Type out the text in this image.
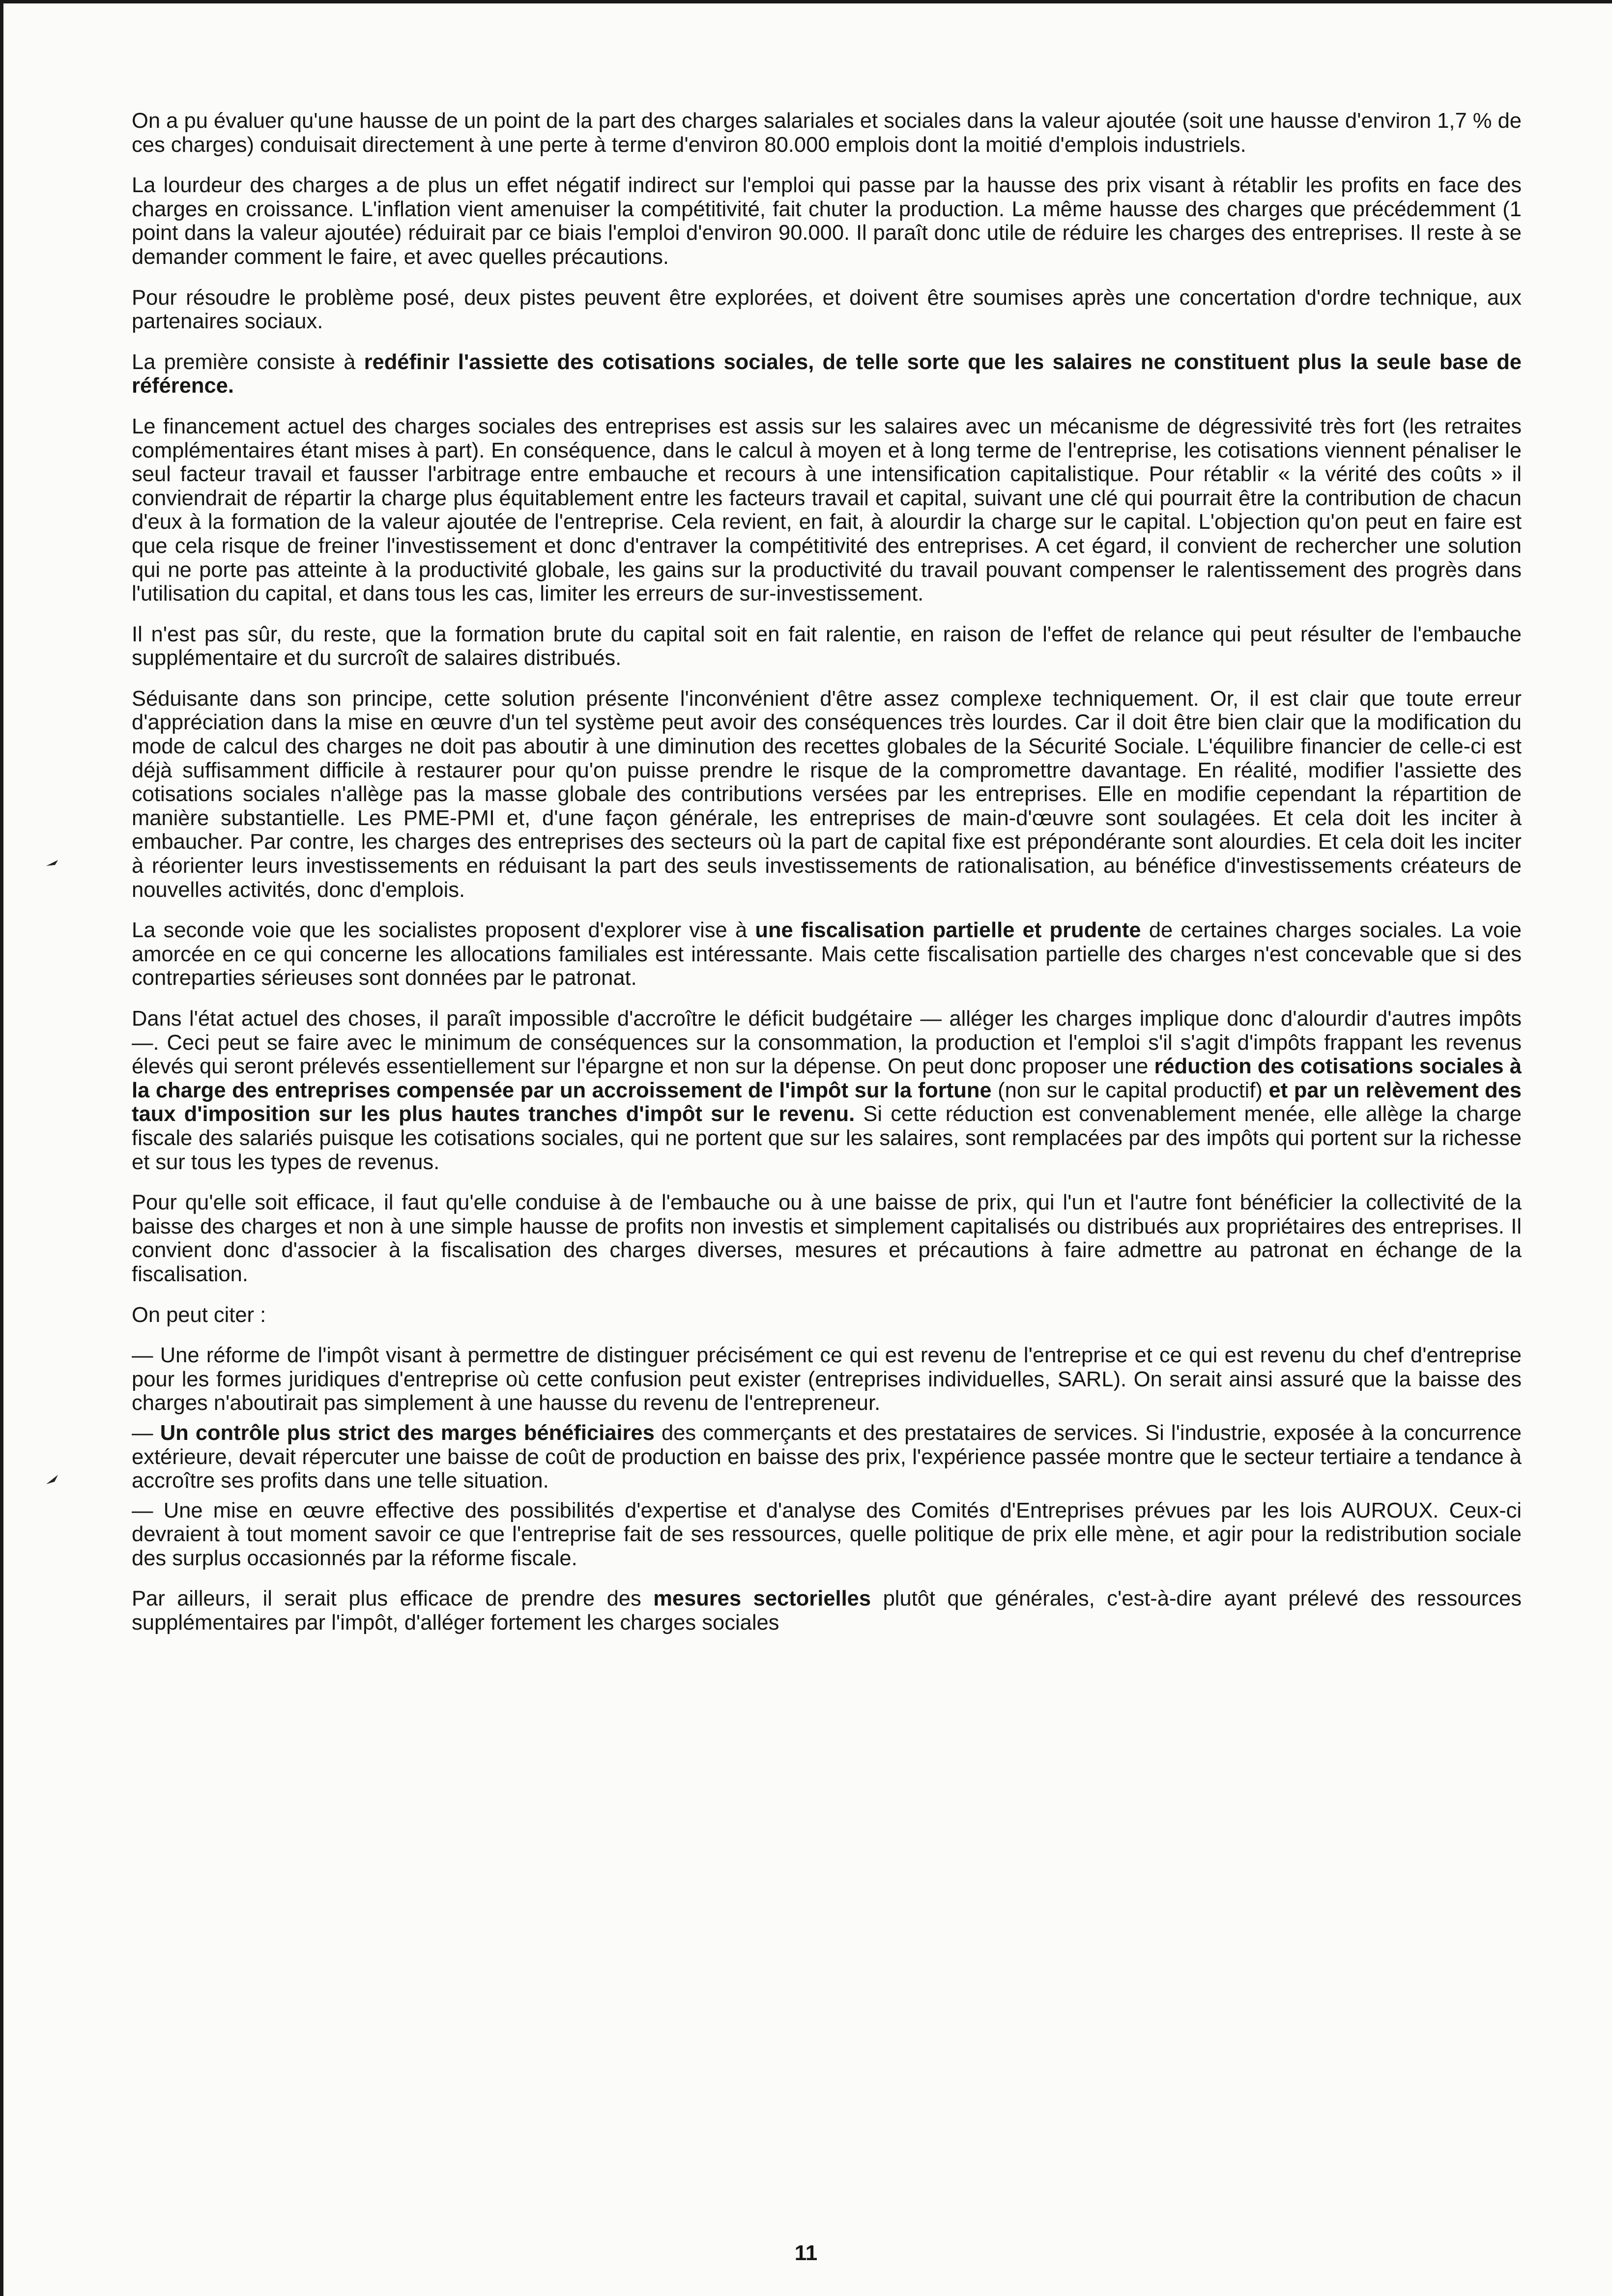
On a pu évaluer qu'une hausse de un point de la part des charges salariales et sociales dans la valeur ajoutée (soit une hausse d'environ 1,7 % de ces charges) conduisait directement à une perte à terme d'environ 80.000 emplois dont la moitié d'emplois industriels.

La lourdeur des charges a de plus un effet négatif indirect sur l'emploi qui passe par la hausse des prix visant à rétablir les profits en face des charges en croissance. L'inflation vient amenuiser la compétitivité, fait chuter la production. La même hausse des charges que précédemment (1 point dans la valeur ajoutée) réduirait par ce biais l'emploi d'environ 90.000. Il paraît donc utile de réduire les charges des entreprises. Il reste à se demander comment le faire, et avec quelles précautions.

Pour résoudre le problème posé, deux pistes peuvent être explorées, et doivent être soumises après une concertation d'ordre technique, aux partenaires sociaux.

La première consiste à redéfinir l'assiette des cotisations sociales, de telle sorte que les salaires ne constituent plus la seule base de référence.

Le financement actuel des charges sociales des entreprises est assis sur les salaires avec un mécanisme de dégressivité très fort (les retraites complémentaires étant mises à part). En conséquence, dans le calcul à moyen et à long terme de l'entreprise, les cotisations viennent pénaliser le seul facteur travail et fausser l'arbitrage entre embauche et recours à une intensification capitalistique. Pour rétablir « la vérité des coûts » il conviendrait de répartir la charge plus équitablement entre les facteurs travail et capital, suivant une clé qui pourrait être la contribution de chacun d'eux à la formation de la valeur ajoutée de l'entreprise. Cela revient, en fait, à alourdir la charge sur le capital. L'objection qu'on peut en faire est que cela risque de freiner l'investissement et donc d'entraver la compétitivité des entreprises. A cet égard, il convient de rechercher une solution qui ne porte pas atteinte à la productivité globale, les gains sur la productivité du travail pouvant compenser le ralentissement des progrès dans l'utilisation du capital, et dans tous les cas, limiter les erreurs de sur-investissement.

Il n'est pas sûr, du reste, que la formation brute du capital soit en fait ralentie, en raison de l'effet de relance qui peut résulter de l'embauche supplémentaire et du surcroît de salaires distribués.

Séduisante dans son principe, cette solution présente l'inconvénient d'être assez complexe techniquement. Or, il est clair que toute erreur d'appréciation dans la mise en œuvre d'un tel système peut avoir des conséquences très lourdes. Car il doit être bien clair que la modification du mode de calcul des charges ne doit pas aboutir à une diminution des recettes globales de la Sécurité Sociale. L'équilibre financier de celle-ci est déjà suffisamment difficile à restaurer pour qu'on puisse prendre le risque de la compromettre davantage. En réalité, modifier l'assiette des cotisations sociales n'allège pas la masse globale des contributions versées par les entreprises. Elle en modifie cependant la répartition de manière substantielle. Les PME-PMI et, d'une façon générale, les entreprises de main-d'œuvre sont soulagées. Et cela doit les inciter à embaucher. Par contre, les charges des entreprises des secteurs où la part de capital fixe est prépondérante sont alourdies. Et cela doit les inciter à réorienter leurs investissements en réduisant la part des seuls investissements de rationalisation, au bénéfice d'investissements créateurs de nouvelles activités, donc d'emplois.

La seconde voie que les socialistes proposent d'explorer vise à une fiscalisation partielle et prudente de certaines charges sociales. La voie amorcée en ce qui concerne les allocations familiales est intéressante. Mais cette fiscalisation partielle des charges n'est concevable que si des contreparties sérieuses sont données par le patronat.

Dans l'état actuel des choses, il paraît impossible d'accroître le déficit budgétaire — alléger les charges implique donc d'alourdir d'autres impôts —. Ceci peut se faire avec le minimum de conséquences sur la consommation, la production et l'emploi s'il s'agit d'impôts frappant les revenus élevés qui seront prélevés essentiellement sur l'épargne et non sur la dépense. On peut donc proposer une réduction des cotisations sociales à la charge des entreprises compensée par un accroissement de l'impôt sur la fortune (non sur le capital productif) et par un relèvement des taux d'imposition sur les plus hautes tranches d'impôt sur le revenu. Si cette réduction est convenablement menée, elle allège la charge fiscale des salariés puisque les cotisations sociales, qui ne portent que sur les salaires, sont remplacées par des impôts qui portent sur la richesse et sur tous les types de revenus.

Pour qu'elle soit efficace, il faut qu'elle conduise à de l'embauche ou à une baisse de prix, qui l'un et l'autre font bénéficier la collectivité de la baisse des charges et non à une simple hausse de profits non investis et simplement capitalisés ou distribués aux propriétaires des entreprises. Il convient donc d'associer à la fiscalisation des charges diverses, mesures et précautions à faire admettre au patronat en échange de la fiscalisation.

On peut citer :

— Une réforme de l'impôt visant à permettre de distinguer précisément ce qui est revenu de l'entreprise et ce qui est revenu du chef d'entreprise pour les formes juridiques d'entreprise où cette confusion peut exister (entreprises individuelles, SARL). On serait ainsi assuré que la baisse des charges n'aboutirait pas simplement à une hausse du revenu de l'entrepreneur.

— Un contrôle plus strict des marges bénéficiaires des commerçants et des prestataires de services. Si l'industrie, exposée à la concurrence extérieure, devait répercuter une baisse de coût de production en baisse des prix, l'expérience passée montre que le secteur tertiaire a tendance à accroître ses profits dans une telle situation.

— Une mise en œuvre effective des possibilités d'expertise et d'analyse des Comités d'Entreprises prévues par les lois AUROUX. Ceux-ci devraient à tout moment savoir ce que l'entreprise fait de ses ressources, quelle politique de prix elle mène, et agir pour la redistribution sociale des surplus occasionnés par la réforme fiscale.

Par ailleurs, il serait plus efficace de prendre des mesures sectorielles plutôt que générales, c'est-à-dire ayant prélevé des ressources supplémentaires par l'impôt, d'alléger fortement les charges sociales

11
